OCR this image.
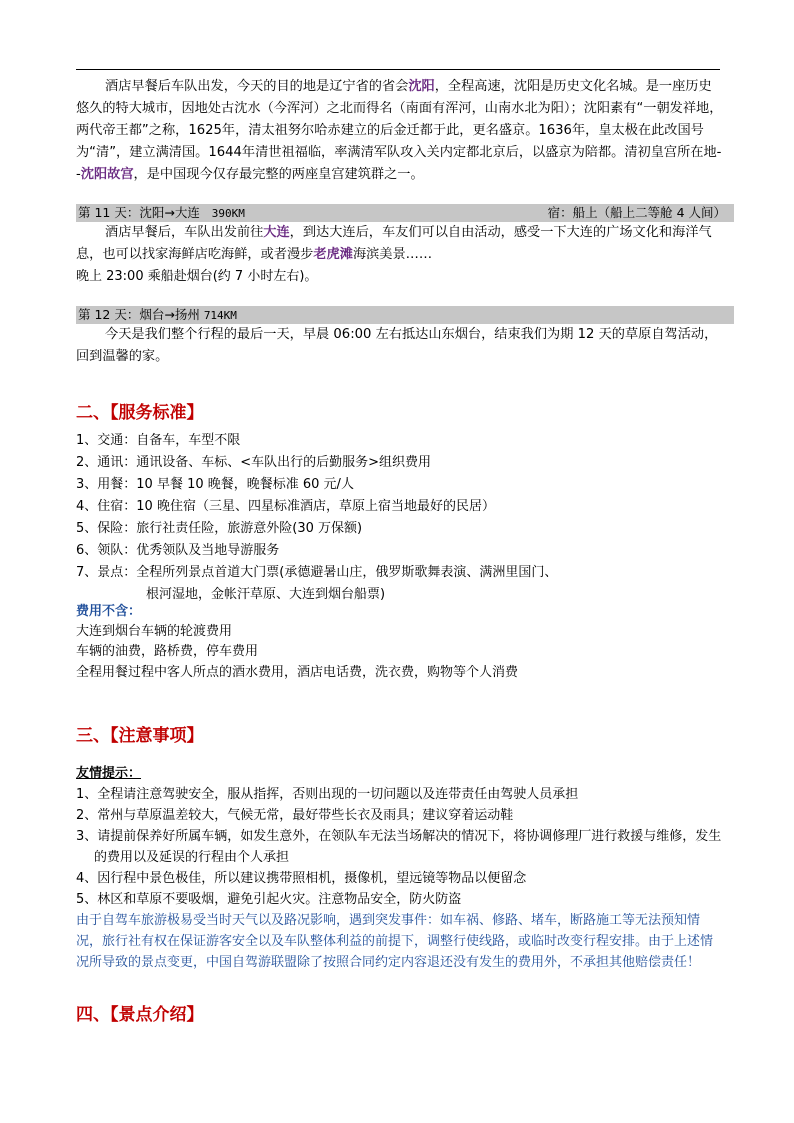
酒店早餐后车队出发，今天的目的地是辽宁省的省会沈阳，全程高速，沈阳是历史文化名城。是一座历史悠久的特大城市，因地处古沈水（今浑河）之北而得名（南面有浑河，山南水北为阳）；沈阳素有“一朝发祥地，两代帝王都”之称，1625年，清太祖努尔哈赤建立的后金迁都于此，更名盛京。1636年，皇太极在此改国号为“清”，建立满清国。1644年清世祖福临，率满清军队攻入关内定都北京后，以盛京为陪都。清初皇宫所在地--沈阳故宫，是中国现今仅存最完整的两座皇宫建筑群之一。

第 11 天：沈阳→大连 390KM	宿：船上（船上二等舱 4 人间）

酒店早餐后，车队出发前往大连，到达大连后，车友们可以自由活动，感受一下大连的广场文化和海洋气息，也可以找家海鲜店吃海鲜，或者漫步老虎滩海滨美景……

晚上 23:00 乘船赴烟台(约 7 小时左右)。

第 12 天：烟台→扬州 714KM

今天是我们整个行程的最后一天，早晨 06:00 左右抵达山东烟台，结束我们为期 12 天的草原自驾活动，回到温馨的家。

二、【服务标准】
1、交通：自备车，车型不限
2、通讯：通讯设备、车标、<车队出行的后勤服务>组织费用
3、用餐：10 早餐 10 晚餐，晚餐标准 60 元/人
4、住宿：10 晚住宿（三星、四星标准酒店，草原上宿当地最好的民居）
5、保险：旅行社责任险，旅游意外险(30 万保额)
6、领队：优秀领队及当地导游服务
7、景点：全程所列景点首道大门票(承德避暑山庄，俄罗斯歌舞表演、满洲里国门、
根河湿地，金帐汗草原、大连到烟台船票)

费用不含：

大连到烟台车辆的轮渡费用

车辆的油费，路桥费，停车费用

全程用餐过程中客人所点的酒水费用，酒店电话费，洗衣费，购物等个人消费

三、【注意事项】

友情提示：

1、全程请注意驾驶安全，服从指挥，否则出现的一切问题以及连带责任由驾驶人员承担
2、常州与草原温差较大，气候无常，最好带些长衣及雨具；建议穿着运动鞋
3、请提前保养好所属车辆，如发生意外，在领队车无法当场解决的情况下，将协调修理厂进行救援与维修，发生的费用以及延误的行程由个人承担
4、因行程中景色极佳，所以建议携带照相机，摄像机，望远镜等物品以便留念
5、林区和草原不要吸烟，避免引起火灾。注意物品安全，防火防盗

由于自驾车旅游极易受当时天气以及路况影响，遇到突发事件：如车祸、修路、堵车，断路施工等无法预知情况，旅行社有权在保证游客安全以及车队整体利益的前提下，调整行使线路，或临时改变行程安排。由于上述情况所导致的景点变更，中国自驾游联盟除了按照合同约定内容退还没有发生的费用外，不承担其他赔偿责任！

四、【景点介绍】
